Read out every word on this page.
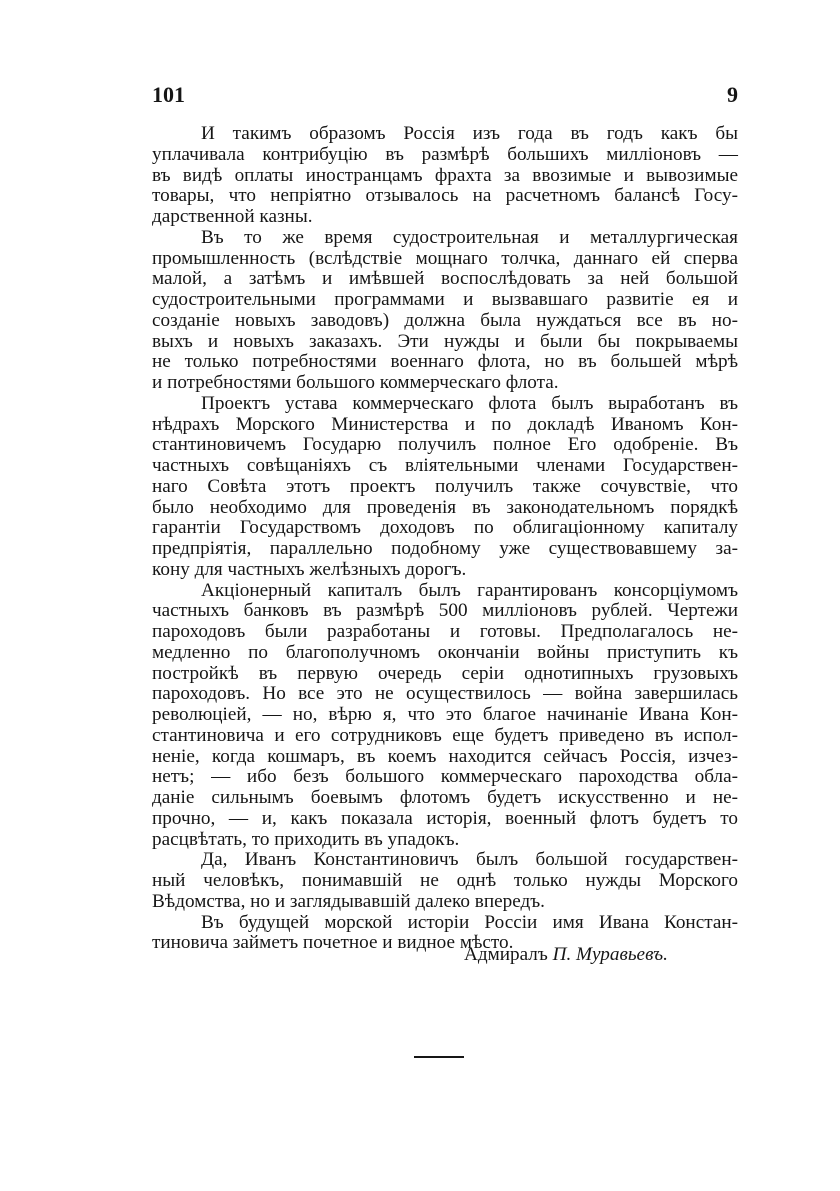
101	9
И такимъ образомъ Россія изъ года въ годъ какъ бы
уплачивала контрибуцію въ размѣрѣ большихъ милліоновъ —
въ видѣ оплаты иностранцамъ фрахта за ввозимые и вывозимые
товары, что непріятно отзывалось на расчетномъ балансѣ Госу-
дарственной казны.
Въ то же время судостроительная и металлургическая
промышленность (вслѣдствіе мощнаго толчка, даннаго ей сперва
малой, а затѣмъ и имѣвшей воспослѣдовать за ней большой
судостроительными программами и вызвавшаго развитіе ея и
созданіе новыхъ заводовъ) должна была нуждаться все въ но-
выхъ и новыхъ заказахъ. Эти нужды и были бы покрываемы
не только потребностями военнаго флота, но въ большей мѣрѣ
и потребностями большого коммерческаго флота.
Проектъ устава коммерческаго флота былъ выработанъ въ
нѣдрахъ Морского Министерства и по докладѣ Иваномъ Кон-
стантиновичемъ Государю получилъ полное Его одобреніе. Въ
частныхъ совѣщаніяхъ съ вліятельными членами Государствен-
наго Совѣта этотъ проектъ получилъ также сочувствіе, что
было необходимо для проведенія въ законодательномъ порядкѣ
гарантіи Государствомъ доходовъ по облигаціонному капиталу
предпріятія, параллельно подобному уже существовавшему за-
кону для частныхъ желѣзныхъ дорогъ.
Акціонерный капиталъ былъ гарантированъ консорціумомъ
частныхъ банковъ въ размѣрѣ 500 милліоновъ рублей. Чертежи
пароходовъ были разработаны и готовы. Предполагалось не-
медленно по благополучномъ окончаніи войны приступить къ
постройкѣ въ первую очередь серіи однотипныхъ грузовыхъ
пароходовъ. Но все это не осуществилось — война завершилась
революціей, — но, вѣрю я, что это благое начинаніе Ивана Кон-
стантиновича и его сотрудниковъ еще будетъ приведено въ испол-
неніе, когда кошмаръ, въ коемъ находится сейчасъ Россія, изчез-
нетъ; — ибо безъ большого коммерческаго пароходства обла-
даніе сильнымъ боевымъ флотомъ будетъ искусственно и не-
прочно, — и, какъ показала исторія, военный флотъ будетъ то
расцвѣтать, то приходить въ упадокъ.
Да, Иванъ Константиновичъ былъ большой государствен-
ный человѣкъ, понимавшій не однѣ только нужды Морского
Вѣдомства, но и заглядывавшій далеко впередъ.
Въ будущей морской исторіи Россіи имя Ивана Констан-
тиновича займетъ почетное и видное мѣсто.
Адмиралъ П. Муравьевъ.
